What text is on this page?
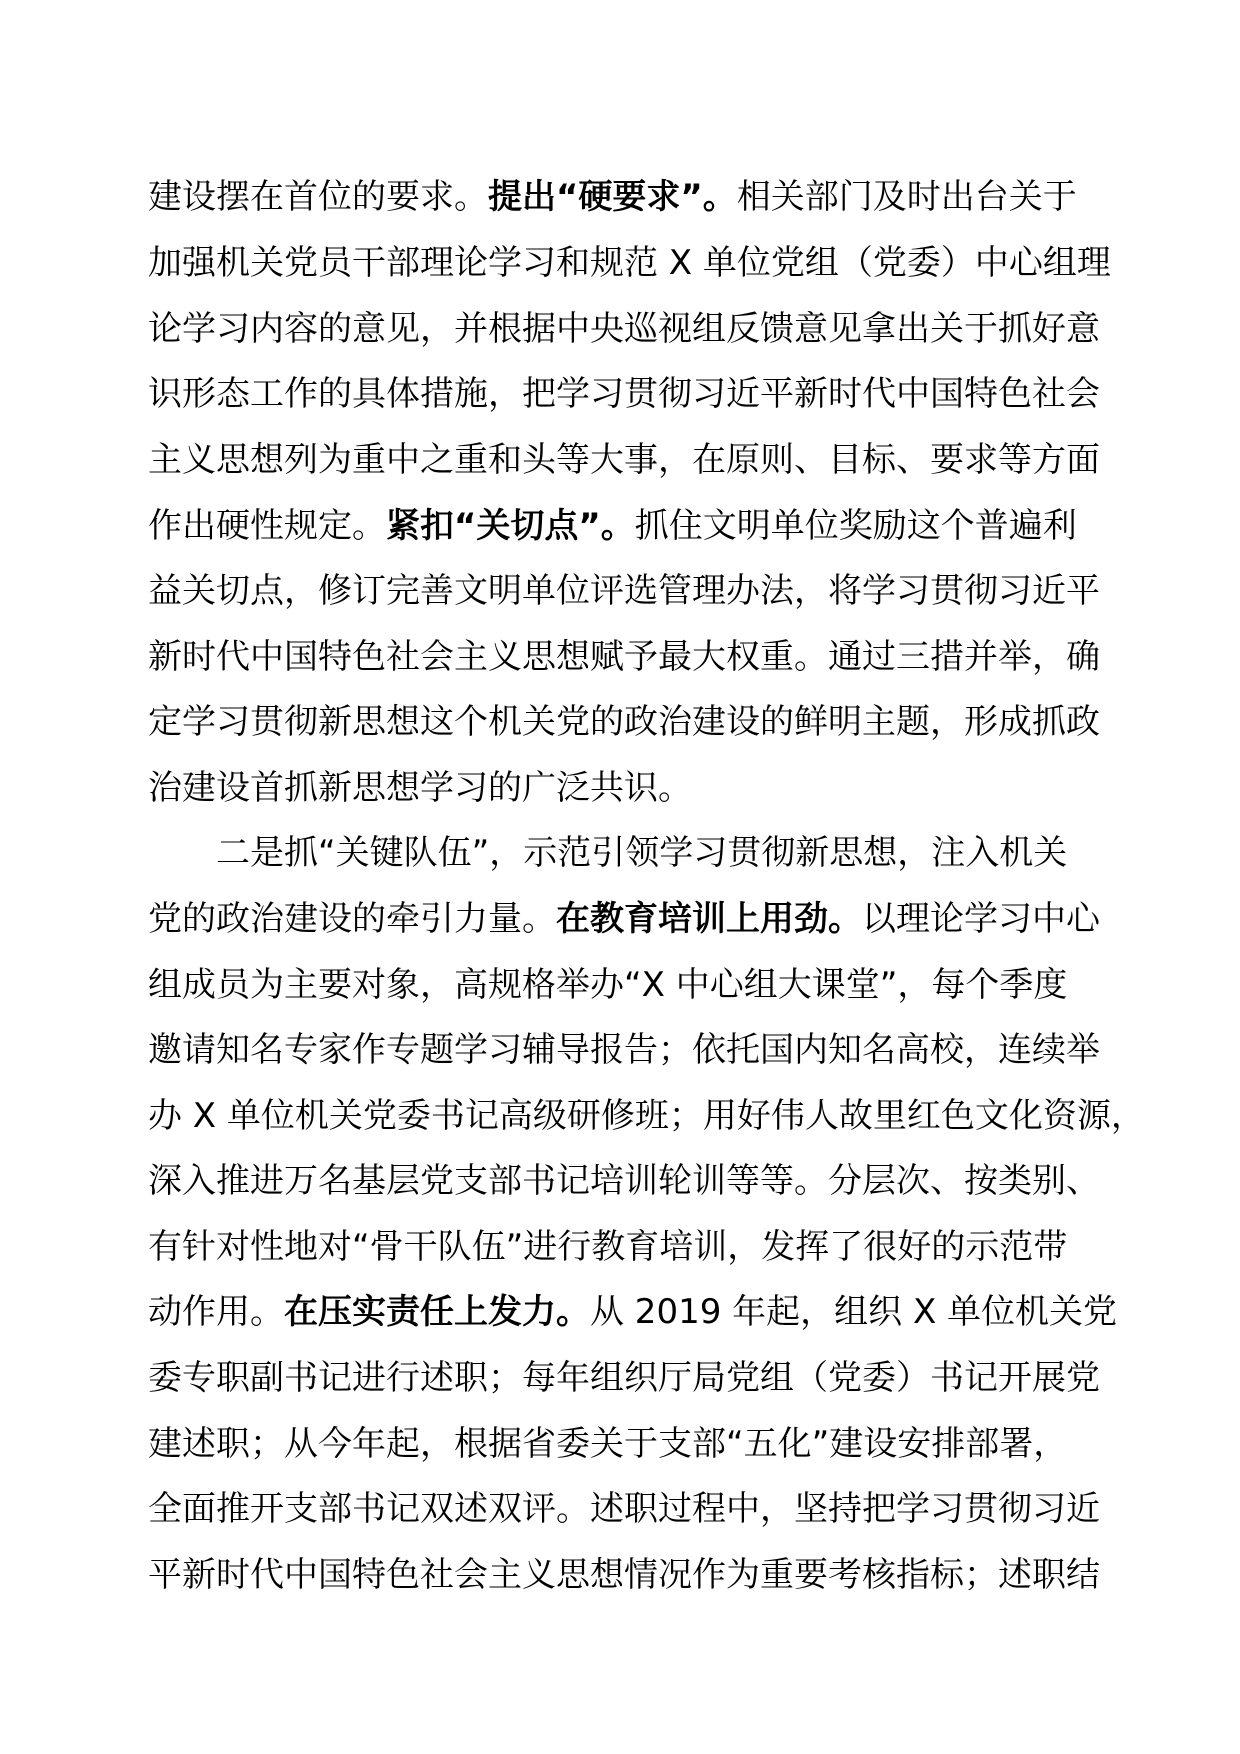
建设摆在首位的要求。提出“硬要求”。相关部门及时出台关于

加强机关党员干部理论学习和规范 X 单位党组（党委）中心组理

论学习内容的意见，并根据中央巡视组反馈意见拿出关于抓好意

识形态工作的具体措施，把学习贯彻习近平新时代中国特色社会

主义思想列为重中之重和头等大事，在原则、目标、要求等方面

作出硬性规定。紧扣“关切点”。抓住文明单位奖励这个普遍利

益关切点，修订完善文明单位评选管理办法，将学习贯彻习近平

新时代中国特色社会主义思想赋予最大权重。通过三措并举，确

定学习贯彻新思想这个机关党的政治建设的鲜明主题，形成抓政

治建设首抓新思想学习的广泛共识。

二是抓“关键队伍”，示范引领学习贯彻新思想，注入机关

党的政治建设的牵引力量。在教育培训上用劲。以理论学习中心

组成员为主要对象，高规格举办“X 中心组大课堂”，每个季度

邀请知名专家作专题学习辅导报告；依托国内知名高校，连续举

办 X 单位机关党委书记高级研修班；用好伟人故里红色文化资源，

深入推进万名基层党支部书记培训轮训等等。分层次、按类别、

有针对性地对“骨干队伍”进行教育培训，发挥了很好的示范带

动作用。在压实责任上发力。从 2019 年起，组织 X 单位机关党

委专职副书记进行述职；每年组织厅局党组（党委）书记开展党

建述职；从今年起，根据省委关于支部“五化”建设安排部署，

全面推开支部书记双述双评。述职过程中，坚持把学习贯彻习近

平新时代中国特色社会主义思想情况作为重要考核指标；述职结
